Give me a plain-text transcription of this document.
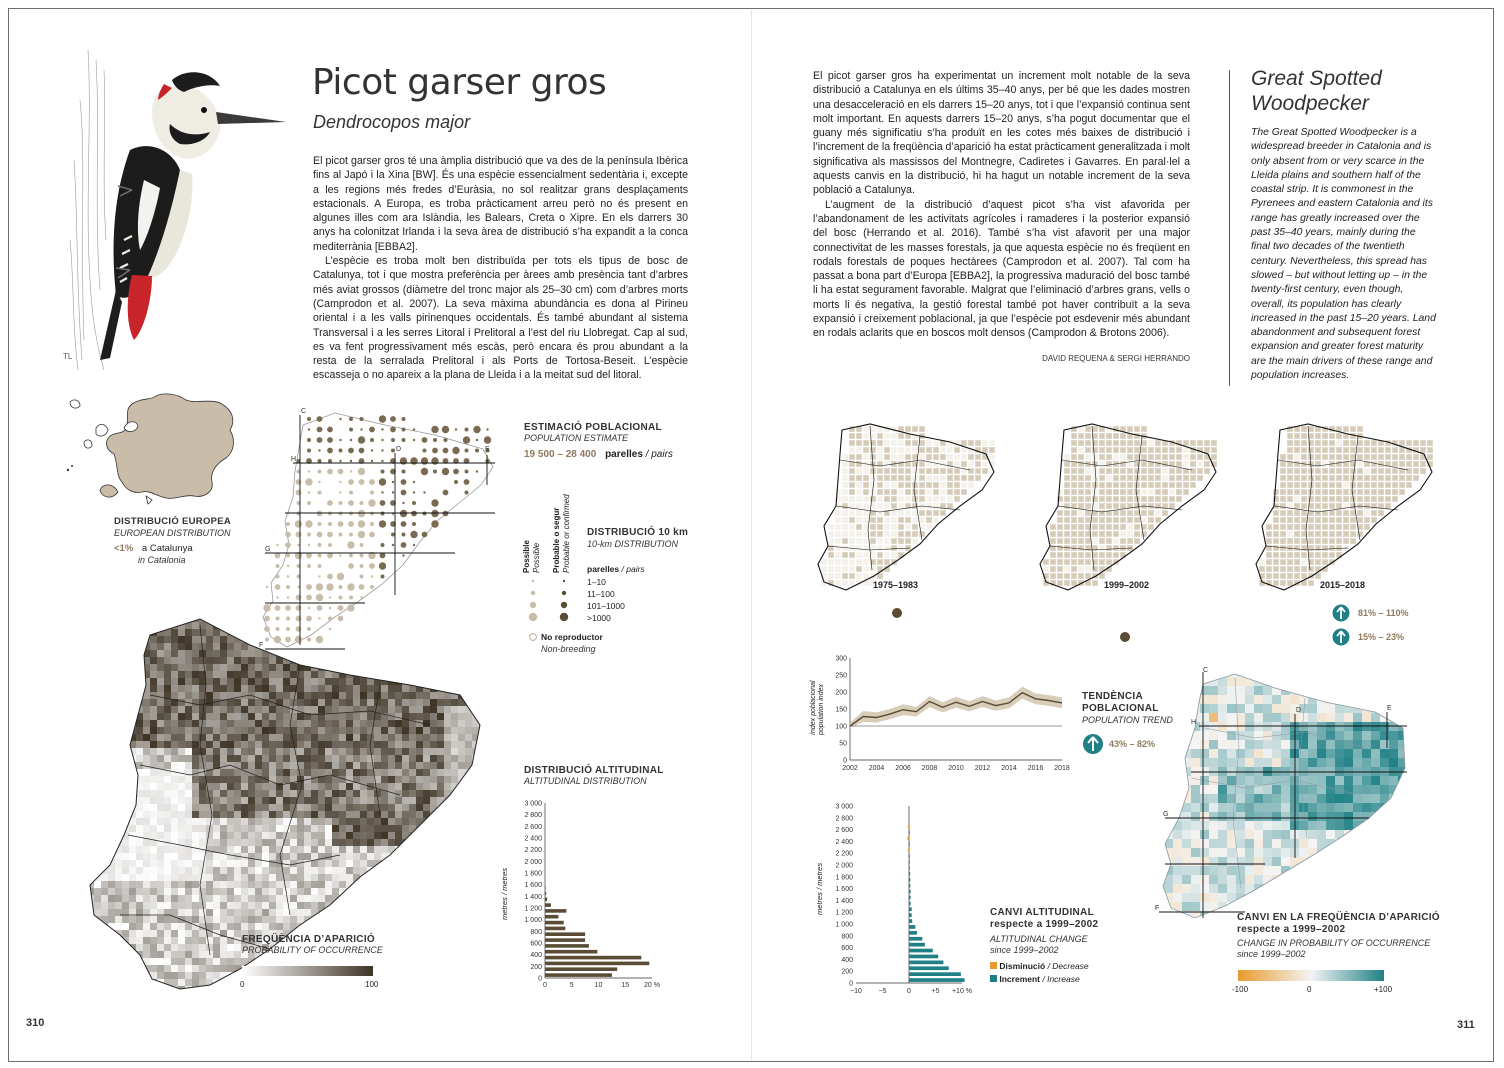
TL
Picot garser gros
Dendrocopos major

El picot garser gros té una àmplia distribució que va des de la península Ibèrica fins al Japó i la Xina [BW]. És una espècie essencialment sedentària i, excepte a les regions més fredes d’Euràsia, no sol realitzar grans desplaçaments estacionals. A Europa, es troba pràcticament arreu però no és present en algunes illes com ara Islàndia, les Balears, Creta o Xipre. En els darrers 30 anys ha colonitzat Irlanda i la seva àrea de distribució s’ha expandit a la conca mediterrània [EBBA2].

L’espècie es troba molt ben distribuïda per tots els tipus de bosc de Catalunya, tot i que mostra preferència per àrees amb presència tant d’arbres més aviat grossos (diàmetre del tronc major als 25–30 cm) com d’arbres morts (Camprodon et al. 2007). La seva màxima abundància es dona al Pirineu oriental i a les valls pirinenques occidentals. És també abundant al sistema Transversal i a les serres Litoral i Prelitoral a l’est del riu Llobregat. Cap al sud, es va fent progressivament més escàs, però encara és prou abundant a la resta de la serralada Prelitoral i als Ports de Tortosa-Beseit. L’espècie escasseja o no apareix a la plana de Lleida i a la meitat sud del litoral.

DISTRIBUCIÓ EUROPEA
EUROPEAN DISTRIBUTION
<1% a Catalunya
in Catalonia
C
H
D	E
G
F
ESTIMACIÓ POBLACIONAL
POPULATION ESTIMATE
19 500 – 28 400 parelles / pairs
DISTRIBUCIÓ 10 km
10-km DISTRIBUTION
Possible Possible Probable o segur Probable or confirmed parelles / pairs
1–10
11–100
101–1000
>1000
No reproductor
Non-breeding
FREQÜÈNCIA D’APARICIÓ
PROBABILITY OF OCCURRENCE
0	100
DISTRIBUCIÓ ALTITUDINAL
ALTITUDINAL DISTRIBUTION
metres / metres
0
200
400
600
800
1 000
1 200
1 400
1 600
1 800
2 000
2 200
2 400
2 600
2 800
3 000
0	5	10	15 20 %
310

El picot garser gros ha experimentat un increment molt notable de la seva distribució a Catalunya en els últims 35–40 anys, per bé que les dades mostren una desacceleració en els darrers 15–20 anys, tot i que l’expansió continua sent molt important. En aquests darrers 15–20 anys, s’ha pogut documentar que el guany més significatiu s’ha produït en les cotes més baixes de distribució i l’increment de la freqüència d’aparició ha estat pràcticament generalitzada i molt significativa als massissos del Montnegre, Cadiretes i Gavarres. En paral·lel a aquests canvis en la distribució, hi ha hagut un notable increment de la seva població a Catalunya.

L’augment de la distribució d’aquest picot s’ha vist afavorida per l’abandonament de les activitats agrícoles i ramaderes i la posterior expansió del bosc (Herrando et al. 2016). També s’ha vist afavorit per una major connectivitat de les masses forestals, ja que aquesta espècie no és freqüent en rodals forestals de poques hectàrees (Camprodon et al. 2007). Tal com ha passat a bona part d’Europa [EBBA2], la progressiva maduració del bosc també li ha estat segurament favorable. Malgrat que l’eliminació d’arbres grans, vells o morts li és negativa, la gestió forestal també pot haver contribuït a la seva expansió i creixement poblacional, ja que l’espècie pot esdevenir més abundant en rodals aclarits que en boscos molt densos (Camprodon & Brotons 2006).

DAVID REQUENA & SERGI HERRANDO
Great Spotted
Woodpecker
The Great Spotted Woodpecker is a widespread breeder in Catalonia and is only absent from or very scarce in the Lleida plains and southern half of the coastal strip. It is commonest in the Pyrenees and eastern Catalonia and its range has greatly increased over the past 35–40 years, mainly during the final two decades of the twentieth century. Nevertheless, this spread has slowed – but without letting up – in the twenty-first century, even though, overall, its population has clearly increased in the past 15–20 years. Land abandonment and subsequent forest expansion and greater forest maturity are the main drivers of these range and population increases.
1975–1983	1999–2002	2015–2018
81% – 110%
15% – 23%
índex poblacional population index
0
50
100
150
200
250
300
2002 2004 2006 2008 2010 2012 2014 2016 2018
TENDÈNCIA
POBLACIONAL
POPULATION TREND
43% – 82%
metres / metres
0
200
400
600
800
1 000
1 200
1 400
1 600
1 800
2 000
2 200
2 400
2 600
2 800
3 000
−10 −5	0	+5 +10 %
CANVI ALTITUDINAL
respecte a 1999–2002
ALTITUDINAL CHANGE
since 1999–2002
Disminució / Decrease
Increment / Increase
C
H
D	E
G
F
CANVI EN LA FREQÜÈNCIA D’APARICIÓ
respecte a 1999–2002
CHANGE IN PROBABILITY OF OCCURRENCE
since 1999–2002
-100	0	+100
311
